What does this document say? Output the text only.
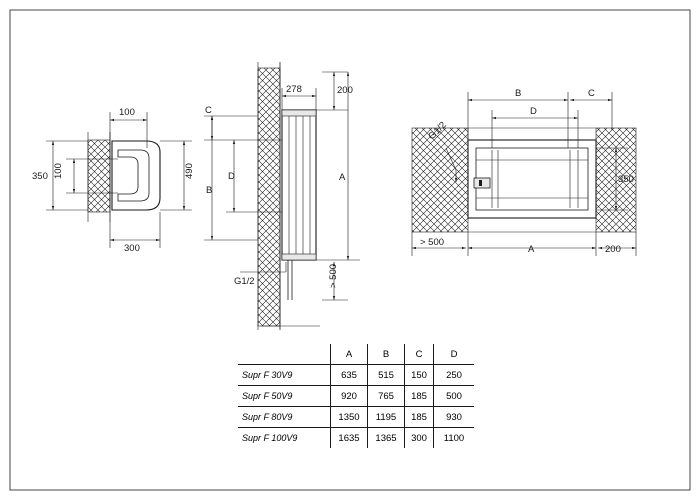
100
300
350 100	490
278	200
A
> 500
C
D
B
G1/2
B	C
D
G1/2
350
A	200
> 500
	A	B	C	D
Supr F 30V9	635	515	150	250
Supr F 50V9	920	765	185	500
Supr F 80V9	1350	1195	185	930
Supr F 100V9	1635	1365	300	1100
